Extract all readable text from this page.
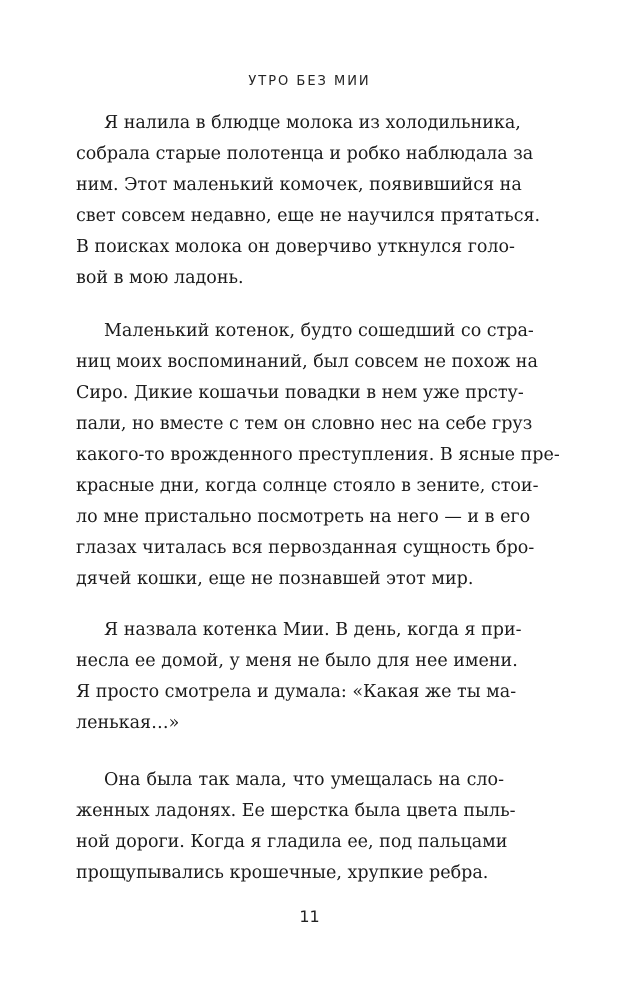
УТРО БЕЗ МИИ
Я налила в блюдце молока из холодильника,
собрала старые полотенца и робко наблюдала за
ним. Этот маленький комочек, появившийся на
свет совсем недавно, еще не научился прятаться.
В поисках молока он доверчиво уткнулся голо-
вой в мою ладонь.
Маленький котенок, будто сошедший со стра-
ниц моих воспоминаний, был совсем не похож на
Сиро. Дикие кошачьи повадки в нем уже прсту-
пали, но вместе с тем он словно нес на себе груз
какого-то врожденного преступления. В ясные пре-
красные дни, когда солнце стояло в зените, стои-
ло мне пристально посмотреть на него — и в его
глазах читалась вся первозданная сущность бро-
дячей кошки, еще не познавшей этот мир.
Я назвала котенка Мии. В день, когда я при-
несла ее домой, у меня не было для нее имени.
Я просто смотрела и думала: «Какая же ты ма-
ленькая…»
Она была так мала, что умещалась на сло-
женных ладонях. Ее шерстка была цвета пыль-
ной дороги. Когда я гладила ее, под пальцами
прощупывались крошечные, хрупкие ребра.
11
